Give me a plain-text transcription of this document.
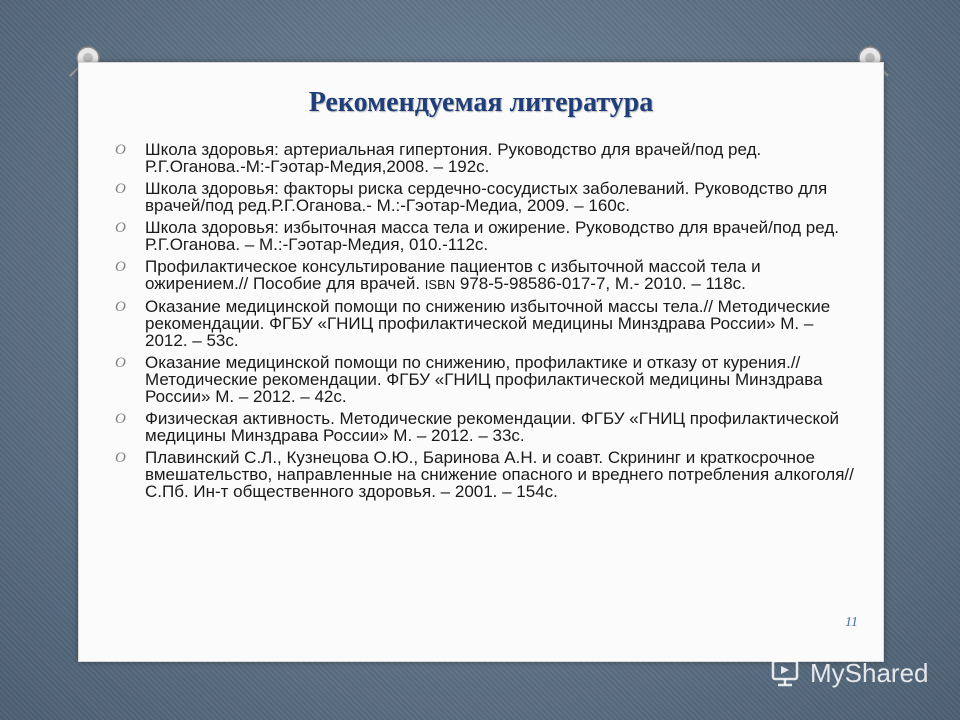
Рекомендуемая литература
O Школа здоровья: артериальная гипертония. Руководство для врачей/под ред. Р.Г.Оганова.-М:-Гэотар-Медия,2008. – 192с.
O Школа здоровья: факторы риска сердечно-сосудистых заболеваний. Руководство для врачей/под ред.Р.Г.Оганова.- М.:-Гэотар-Медиа, 2009. – 160с.
O Школа здоровья: избыточная масса тела и ожирение. Руководство для врачей/под ред. Р.Г.Оганова. – М.:-Гэотар-Медия, 010.-112с.
O Профилактическое консультирование пациентов с избыточной массой тела и ожирением.// Пособие для врачей. ISBN 978-5-98586-017-7, М.- 2010. – 118с.
O Оказание медицинской помощи по снижению избыточной массы тела.// Методические рекомендации. ФГБУ «ГНИЦ профилактической медицины Минздрава России» М. – 2012. – 53с.
O Оказание медицинской помощи по снижению, профилактике и отказу от курения.// Методические рекомендации. ФГБУ «ГНИЦ профилактической медицины Минздрава России» М. – 2012. – 42с.
O Физическая активность. Методические рекомендации. ФГБУ «ГНИЦ профилактической медицины Минздрава России» М. – 2012. – 33с.
O Плавинский С.Л., Кузнецова О.Ю., Баринова А.Н. и соавт. Скрининг и краткосрочное вмешательство, направленные на снижение опасного и вреднего потребления алкоголя//С.Пб. Ин-т общественного здоровья. – 2001. – 154с.
11
MyShared
